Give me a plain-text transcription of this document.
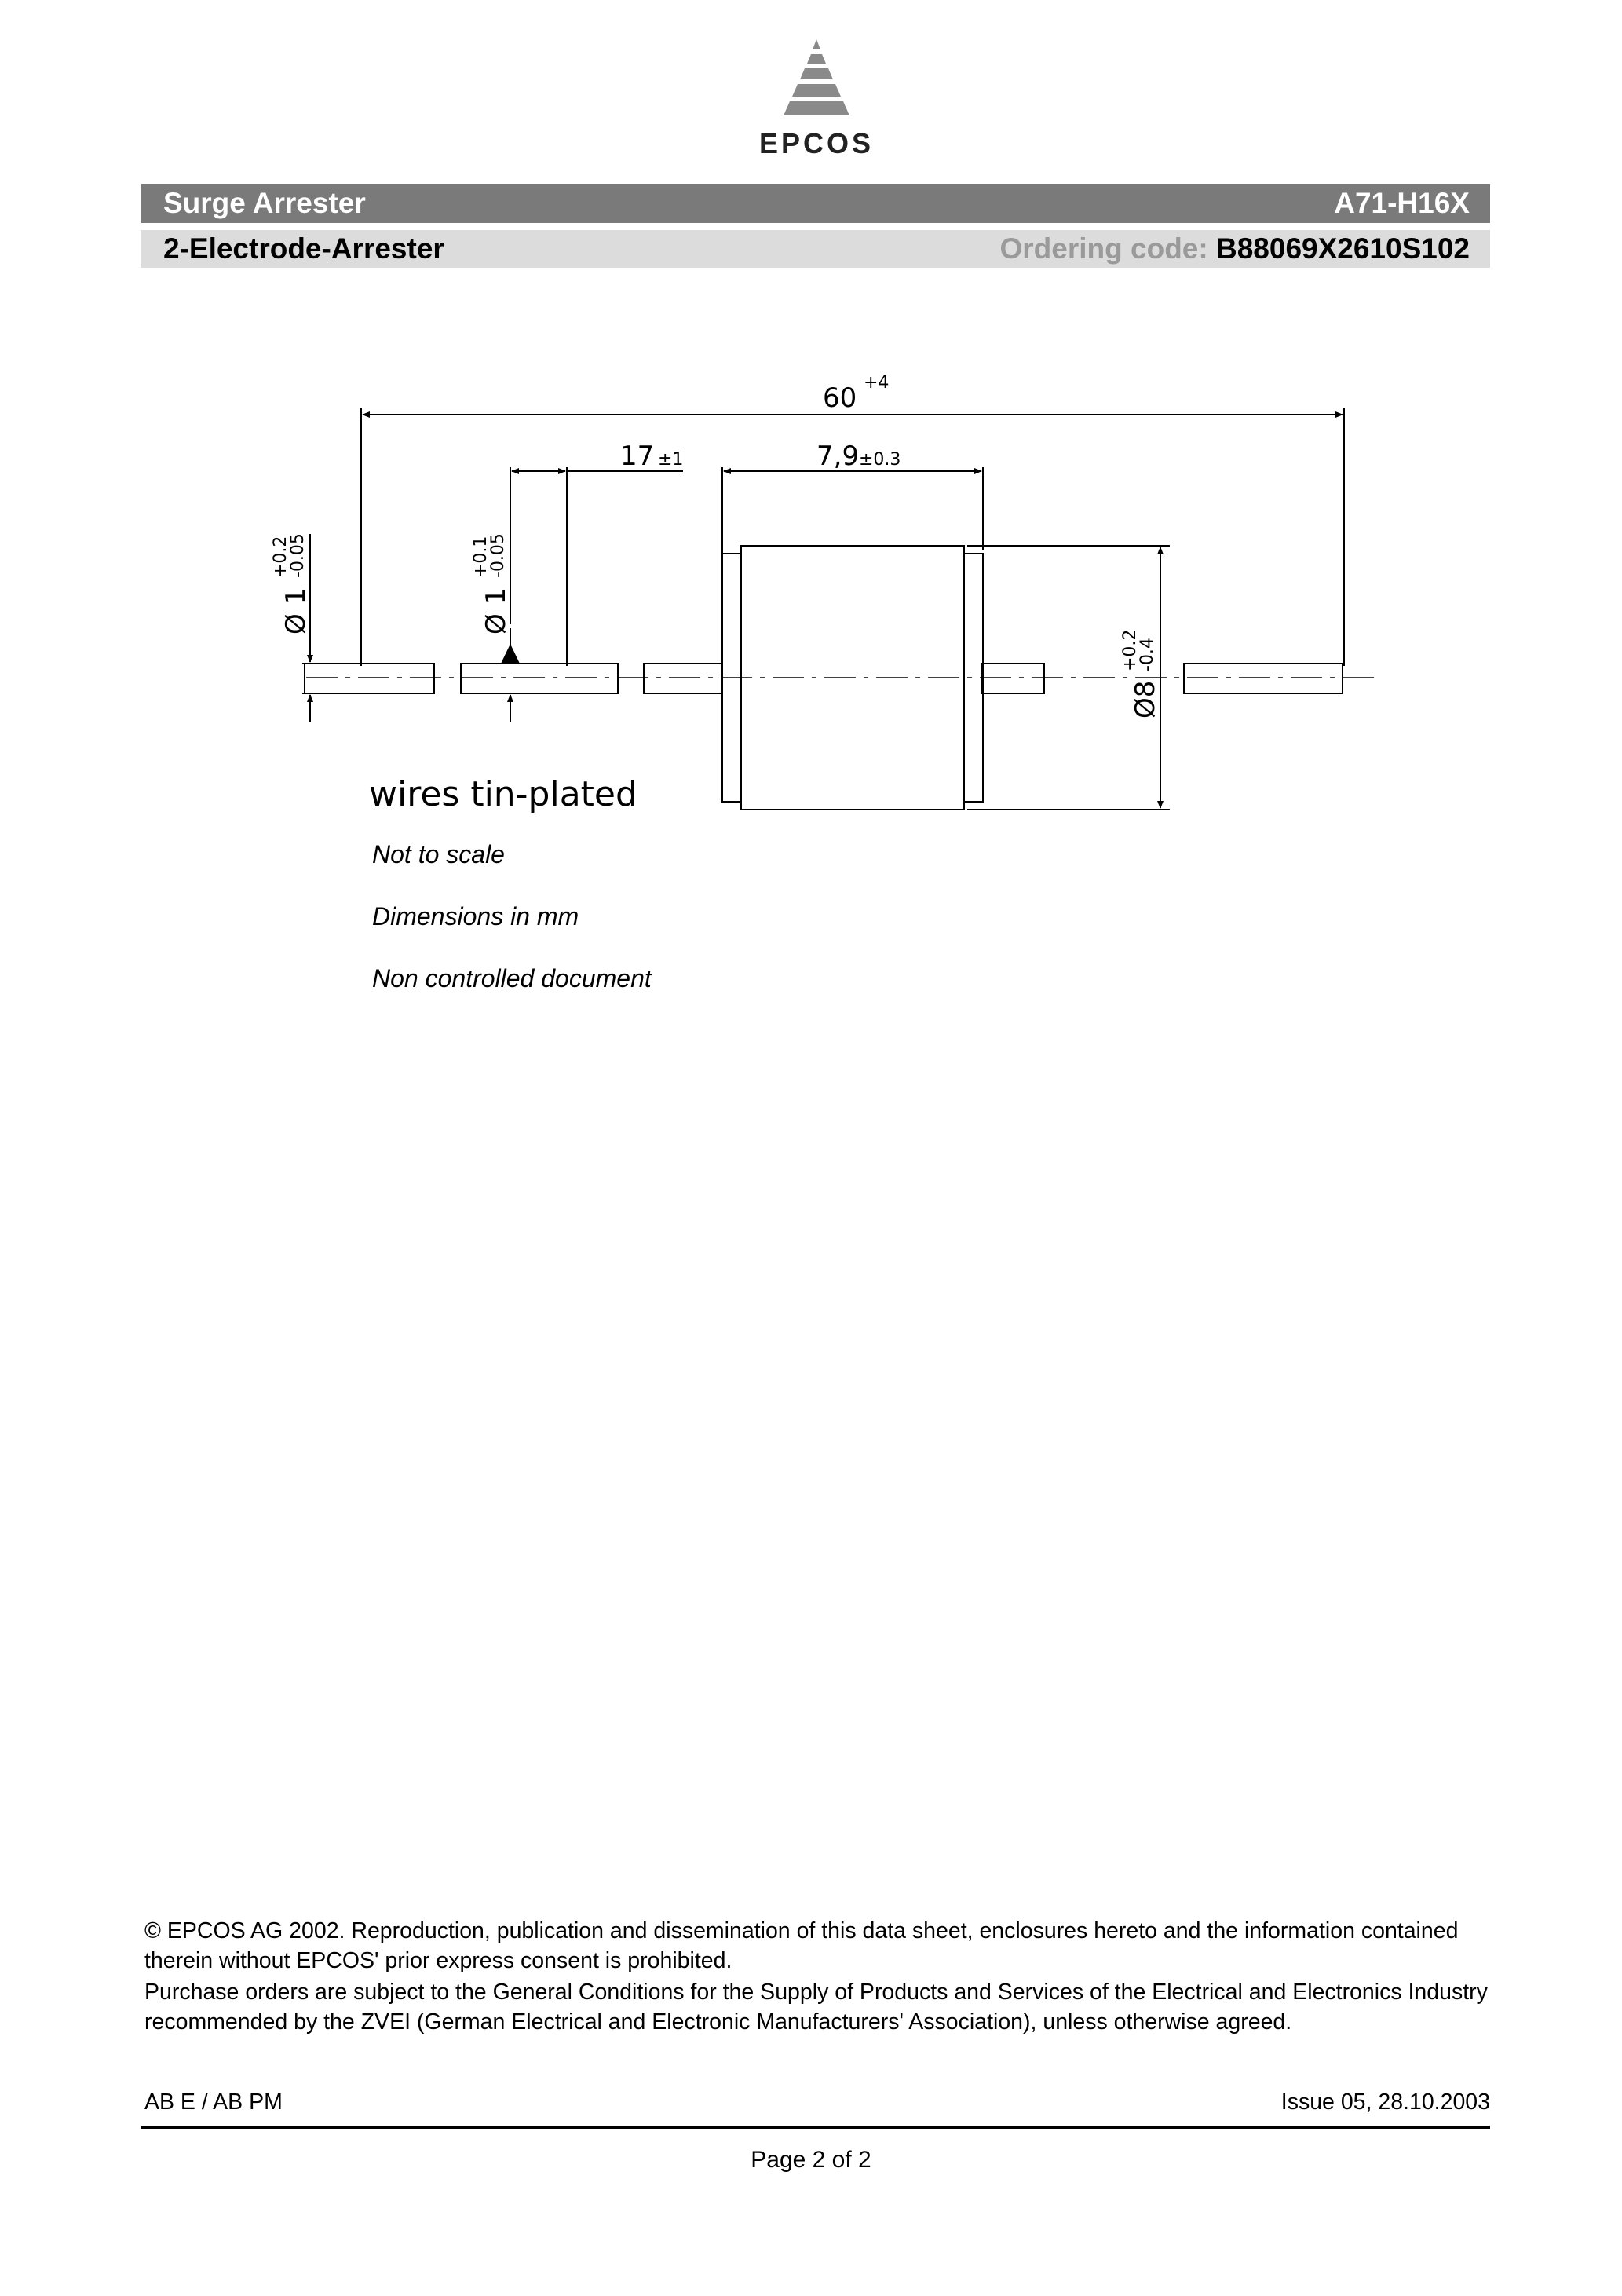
EPCOS
Surge Arrester	A71-H16X
2-Electrode-Arrester	Ordering code: B88069X2610S102
60 +4
17 ±1	7,9 ±0.3
Ø 1
+0.2
-0.05
Ø 1
+0.1
-0.05
Ø8
+0.2
-0.4
wires tin-plated
Not to scale
Dimensions in mm
Non controlled document
© EPCOS AG 2002. Reproduction, publication and dissemination of this data sheet, enclosures hereto and the information contained therein without EPCOS' prior express consent is prohibited.
Purchase orders are subject to the General Conditions for the Supply of Products and Services of the Electrical and Electronics Industry recommended by the ZVEI (German Electrical and Electronic Manufacturers' Association), unless otherwise agreed.
AB E / AB PM	Issue 05, 28.10.2003
Page 2 of 2
